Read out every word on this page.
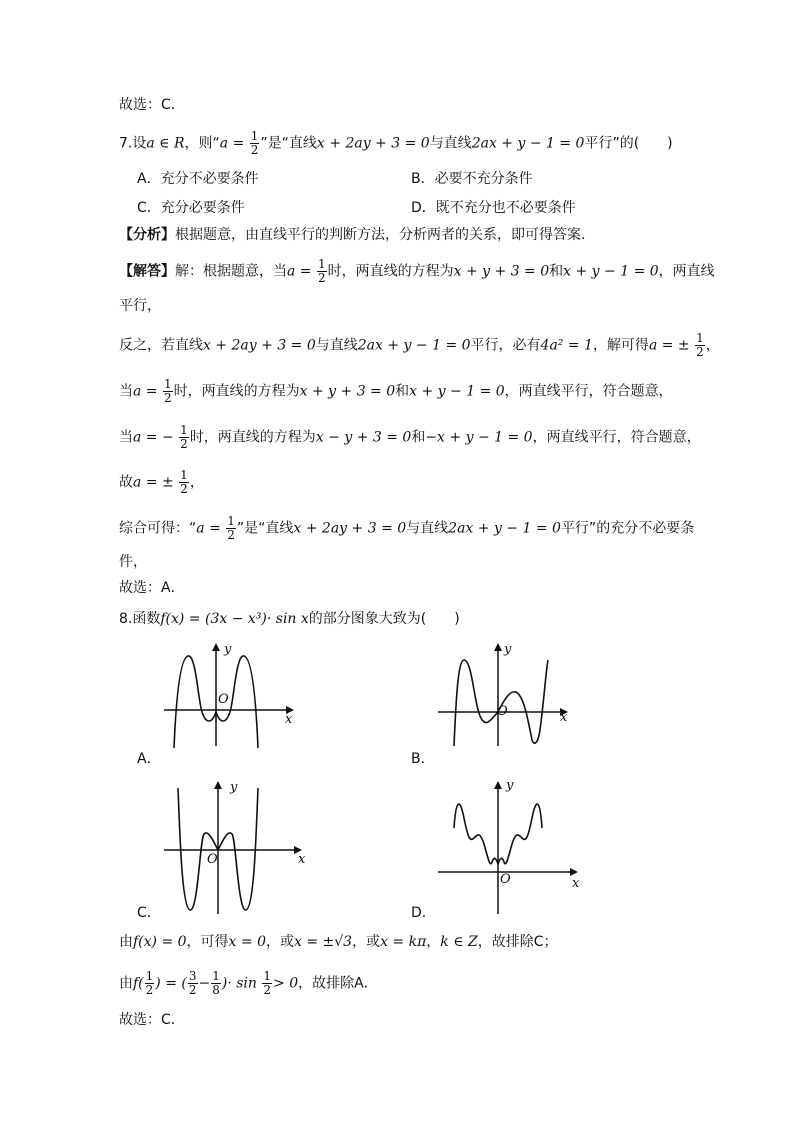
故选：C．
7.设a ∈ R，则“$a = \frac{1}{2}$ ”是“直线x + 2ay + 3 = 0与直线2ax + y − 1 = 0平行”的(　　)
A．充分不必要条件	B．必要不充分条件
C．充分必要条件	D．既不充分也不必要条件
【分析】根据题意，由直线平行的判断方法，分析两者的关系，即可得答案．
【解答】解：根据题意，当$a = \frac{1}{2}$ 时，两直线的方程为x + y + 3 = 0和x + y − 1 = 0，两直线
平行，
反之，若直线x + 2ay + 3 = 0与直线2ax + y − 1 = 0平行，必有4a² = 1，解可得a = ± $\frac{1}{2}$ ，
当$a = \frac{1}{2}$ 时，两直线的方程为x + y + 3 = 0和x + y − 1 = 0，两直线平行，符合题意，
当a = − $\frac{1}{2}$ 时，两直线的方程为x − y + 3 = 0和−x + y − 1 = 0，两直线平行，符合题意，
故a = ± $\frac{1}{2}$ ，
综合可得：“$a = \frac{1}{2}$ ”是“直线x + 2ay + 3 = 0与直线2ax + y − 1 = 0平行”的充分不必要条
件，
故选：A．
8.函数f(x) = (3x − x³)· sin x的部分图象大致为(　　)
y
x
O
A．
y
x
O
B．
y
x
O
C．
y
x
O
D．
由f(x) = 0，可得x = 0，或x = ±√3，或x = kπ，k ∈ Z，故排除C；
由$f( \frac{1}{2}$ ) = ( $\frac{3}{2} - \frac{1}{8}$ )· $\sin \frac{1}{2} > 0$，故排除A．
故选：C．
